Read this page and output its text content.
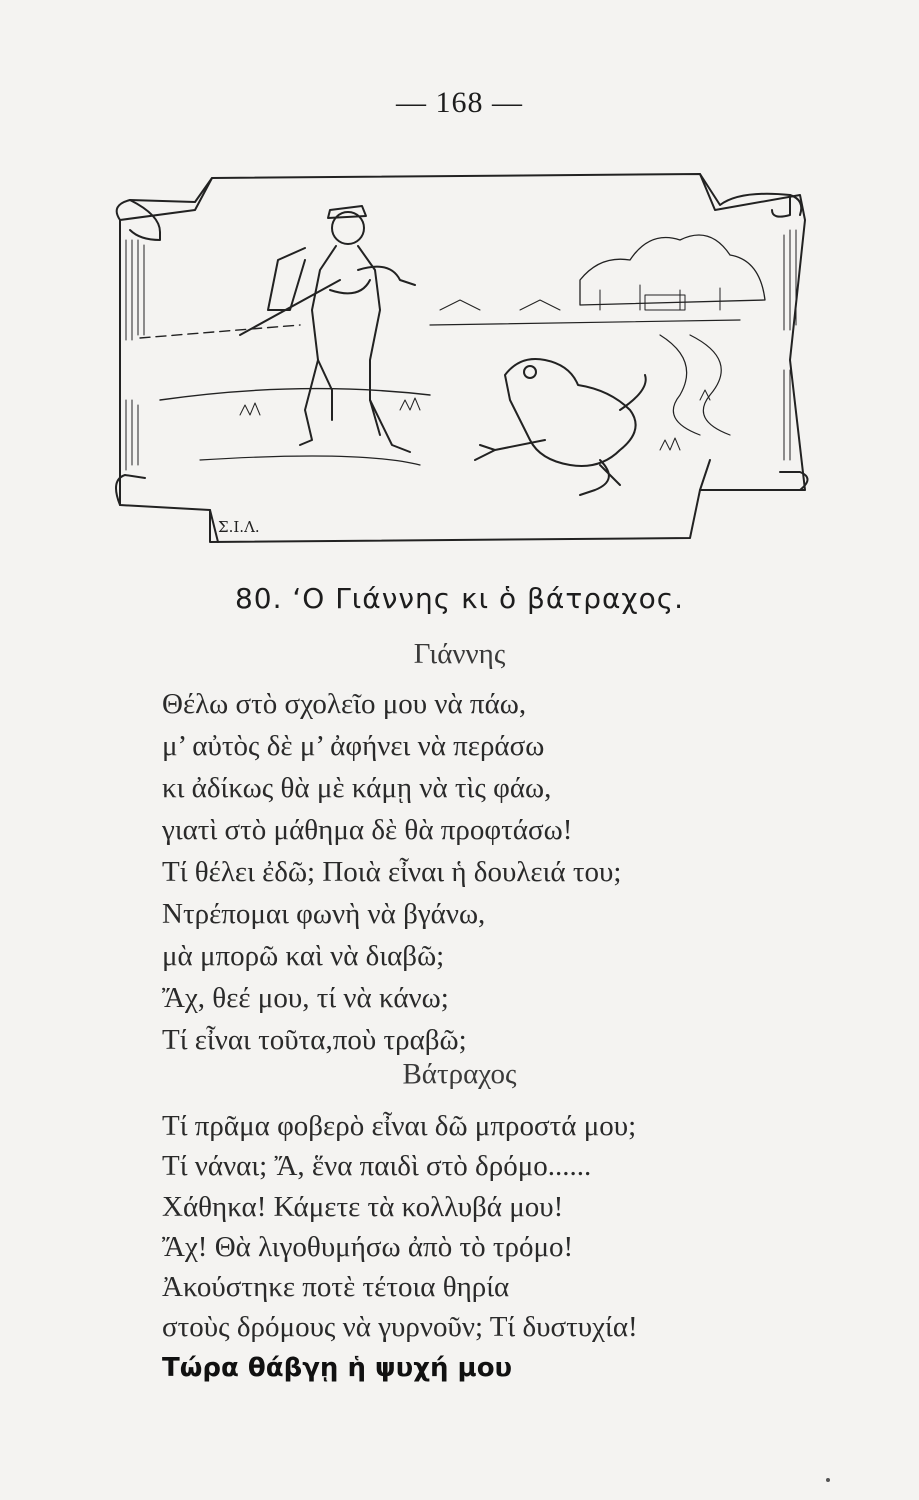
— 168 —
Σ.Ι.Λ.
80. ‘Ο Γιάννης κι ὁ βάτραχος.
Γιάννης
Θέλω στὸ σχολεῖο μου νὰ πάω,
μ’ αὐτὸς δὲ μ’ ἀφήνει νὰ περάσω
κι ἀδίκως θὰ μὲ κάμῃ νὰ τὶς φάω,
γιατὶ στὸ μάθημα δὲ θὰ προφτάσω!
Τί θέλει ἐδῶ; Ποιὰ εἶναι ἡ δουλειά του;
Ντρέπομαι φωνὴ νὰ βγάνω,
μὰ μπορῶ καὶ νὰ διαβῶ;
Ἄχ, θεέ μου, τί νὰ κάνω;
Τί εἶναι τοῦτα,ποὺ τραβῶ;
Βάτραχος
Τί πρᾶμα φοβερὸ εἶναι δῶ μπροστά μου;
Τί νάναι; Ἄ, ἕνα παιδὶ στὸ δρόμο......
Χάθηκα! Κάμετε τὰ κολλυβά μου!
Ἄχ! Θὰ λιγοθυμήσω ἀπὸ τὸ τρόμο!
Ἀκούστηκε ποτὲ τέτοια θηρία
στοὺς δρόμους νὰ γυρνοῦν; Τί δυστυχία!
Τώρα θάβγῃ ἡ ψυχή μου
